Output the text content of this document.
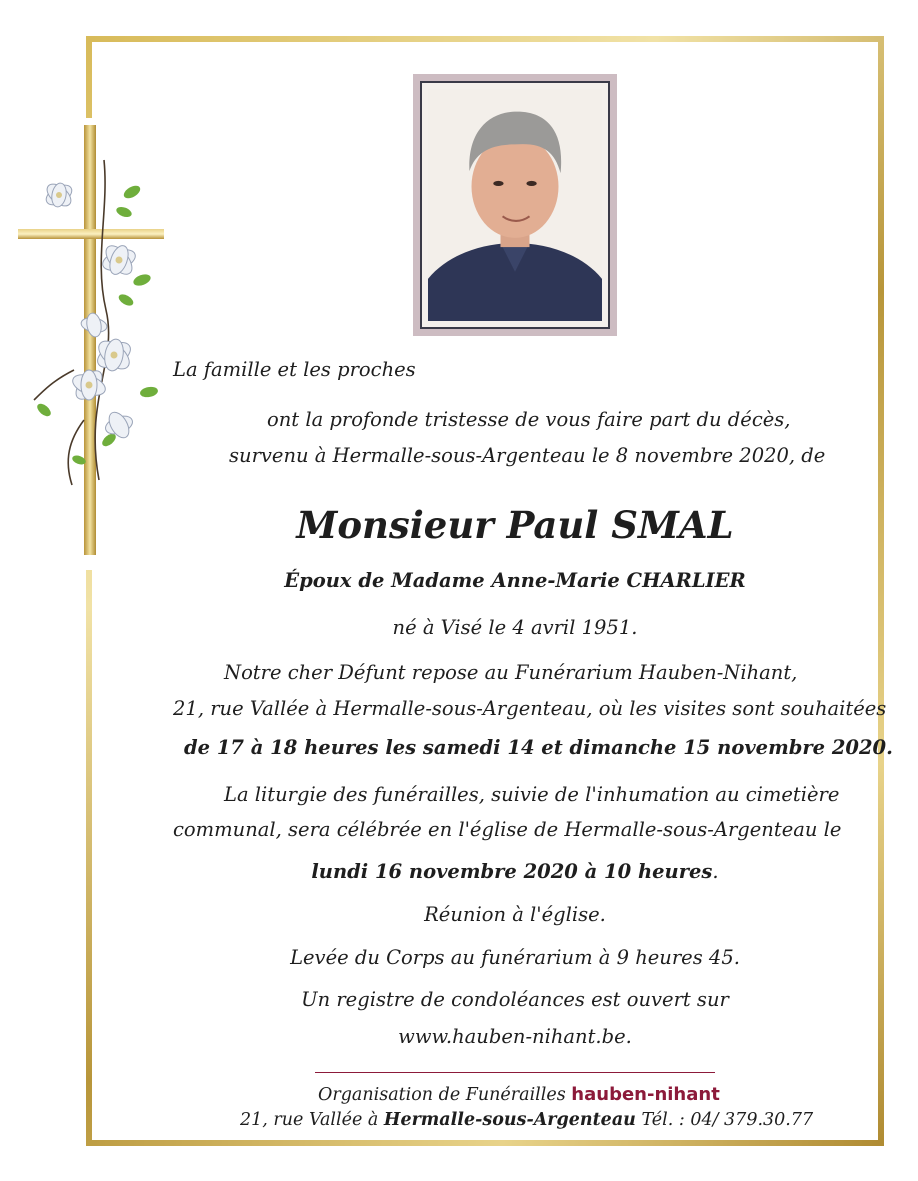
La famille et les proches

ont la profonde tristesse de vous faire part du décès,

survenu à Hermalle-sous-Argenteau le 8 novembre 2020, de

Monsieur Paul SMAL

Époux de Madame Anne-Marie CHARLIER

né à Visé le 4 avril 1951.

Notre cher Défunt repose au Funérarium Hauben-Nihant,

21, rue Vallée à Hermalle-sous-Argenteau, où les visites sont souhaitées

de 17 à 18 heures les samedi 14 et dimanche 15 novembre 2020.

La liturgie des funérailles, suivie de l'inhumation au cimetière

communal, sera célébrée en l'église de Hermalle-sous-Argenteau le

lundi 16 novembre 2020 à 10 heures.

Réunion à l'église.

Levée du Corps au funérarium à 9 heures 45.

Un registre de condoléances est ouvert sur

www.hauben-nihant.be.

Organisation de Funérailles hauben-nihant

21, rue Vallée à Hermalle-sous-Argenteau Tél. : 04/ 379.30.77
